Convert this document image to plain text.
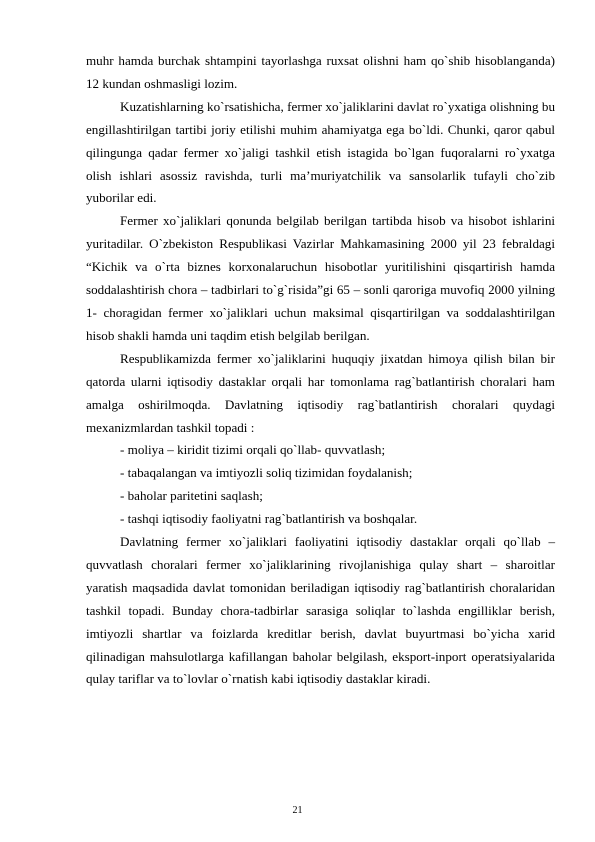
muhr hamda burchak shtampini tayorlashga ruxsat olishni ham qo`shib hisoblanganda) 12 kundan oshmasligi lozim.

Kuzatishlarning ko`rsatishicha, fermer xo`jaliklarini davlat ro`yxatiga olishning bu engillashtirilgan tartibi joriy etilishi muhim ahamiyatga ega bo`ldi. Chunki, qaror qabul qilingunga qadar fermer xo`jaligi tashkil etish istagida bo`lgan fuqoralarni ro`yxatga olish ishlari asossiz ravishda, turli ma’muriyatchilik va sansolarlik tufayli cho`zib yuborilar edi.

Fermer xo`jaliklari qonunda belgilab berilgan tartibda hisob va hisobot ishlarini yuritadilar. O`zbekiston Respublikasi Vazirlar Mahkamasining 2000 yil 23 febraldagi “Kichik va o`rta biznes korxonalaruchun hisobotlar yuritilishini qisqartirish hamda soddalashtirish chora – tadbirlari to`g`risida”gi 65 – sonli qaroriga muvofiq 2000 yilning 1- choragidan fermer xo`jaliklari uchun maksimal qisqartirilgan va soddalashtirilgan hisob shakli hamda uni taqdim etish belgilab berilgan.

Respublikamizda fermer xo`jaliklarini huquqiy jixatdan himoya qilish bilan bir qatorda ularni iqtisodiy dastaklar orqali har tomonlama rag`batlantirish choralari ham amalga oshirilmoqda. Davlatning iqtisodiy rag`batlantirish choralari quydagi mexanizmlardan tashkil topadi :

- moliya – kiridit tizimi orqali qo`llab- quvvatlash;

- tabaqalangan va imtiyozli soliq tizimidan foydalanish;

- baholar paritetini saqlash;

- tashqi iqtisodiy faoliyatni rag`batlantirish va boshqalar.

Davlatning fermer xo`jaliklari faoliyatini iqtisodiy dastaklar orqali qo`llab – quvvatlash choralari fermer xo`jaliklarining rivojlanishiga qulay shart – sharoitlar yaratish maqsadida davlat tomonidan beriladigan iqtisodiy rag`batlantirish choralaridan tashkil topadi. Bunday chora-tadbirlar sarasiga soliqlar to`lashda engilliklar berish, imtiyozli shartlar va foizlarda kreditlar berish, davlat buyurtmasi bo`yicha xarid qilinadigan mahsulotlarga kafillangan baholar belgilash, eksport-inport operatsiyalarida qulay tariflar va to`lovlar o`rnatish kabi iqtisodiy dastaklar kiradi.

21
